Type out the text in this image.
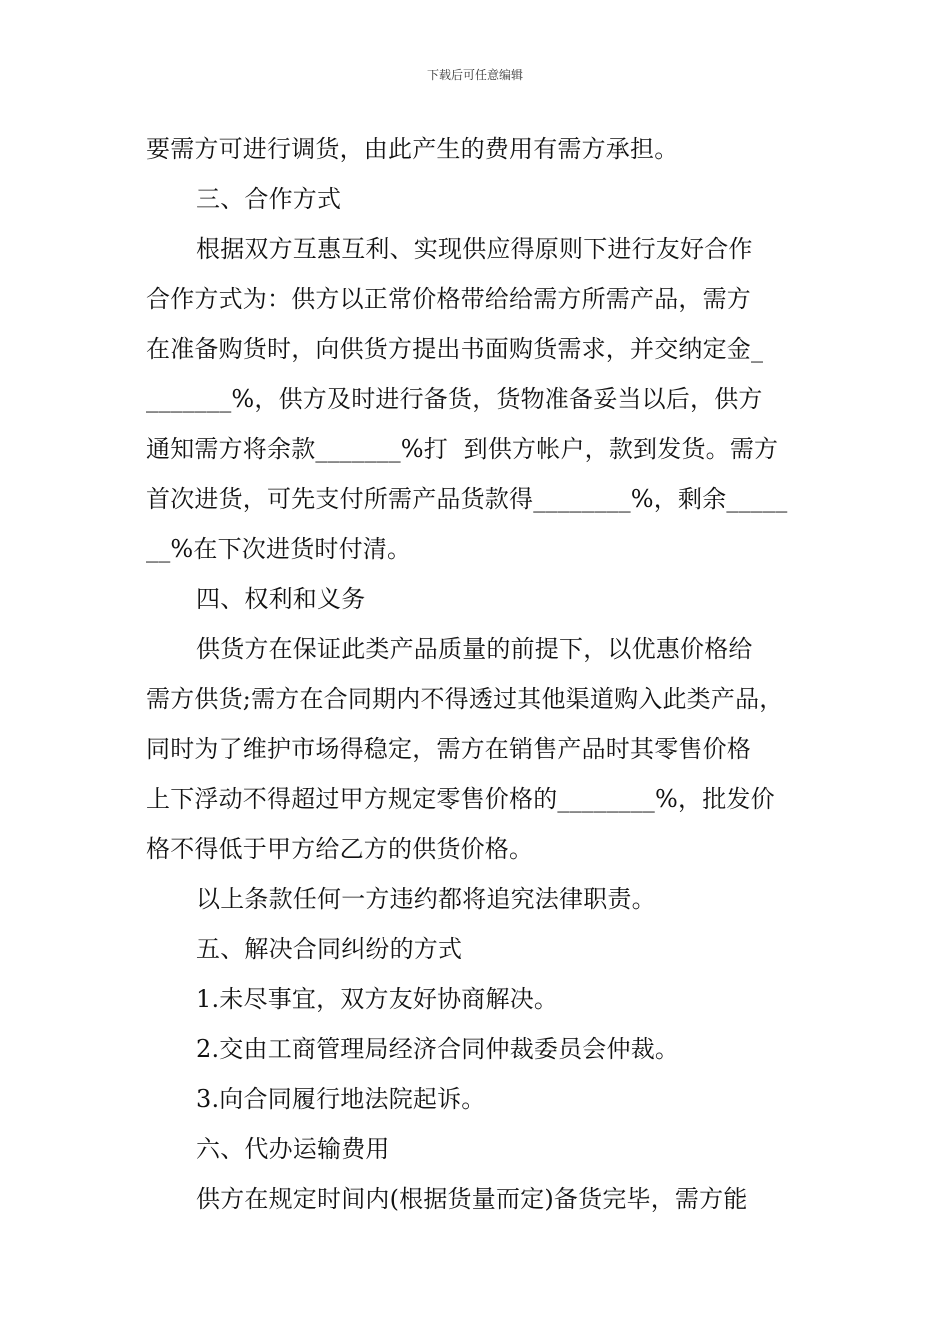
下载后可任意编辑

要需方可进行调货，由此产生的费用有需方承担。

三、合作方式

根据双方互惠互利、实现供应得原则下进行友好合作

合作方式为：供方以正常价格带给给需方所需产品，需方

在准备购货时，向供货方提出书面购货需求，并交纳定金_

_______%，供方及时进行备货，货物准备妥当以后，供方

通知需方将余款_______%打  到供方帐户，款到发货。需方

首次进货，可先支付所需产品货款得________%，剩余_____

__%在下次进货时付清。

四、权利和义务

供货方在保证此类产品质量的前提下，以优惠价格给

需方供货;需方在合同期内不得透过其他渠道购入此类产品，

同时为了维护市场得稳定，需方在销售产品时其零售价格

上下浮动不得超过甲方规定零售价格的________%，批发价

格不得低于甲方给乙方的供货价格。

以上条款任何一方违约都将追究法律职责。

五、解决合同纠纷的方式

1.未尽事宜，双方友好协商解决。

2.交由工商管理局经济合同仲裁委员会仲裁。

3.向合同履行地法院起诉。

六、代办运输费用

供方在规定时间内(根据货量而定)备货完毕，需方能
